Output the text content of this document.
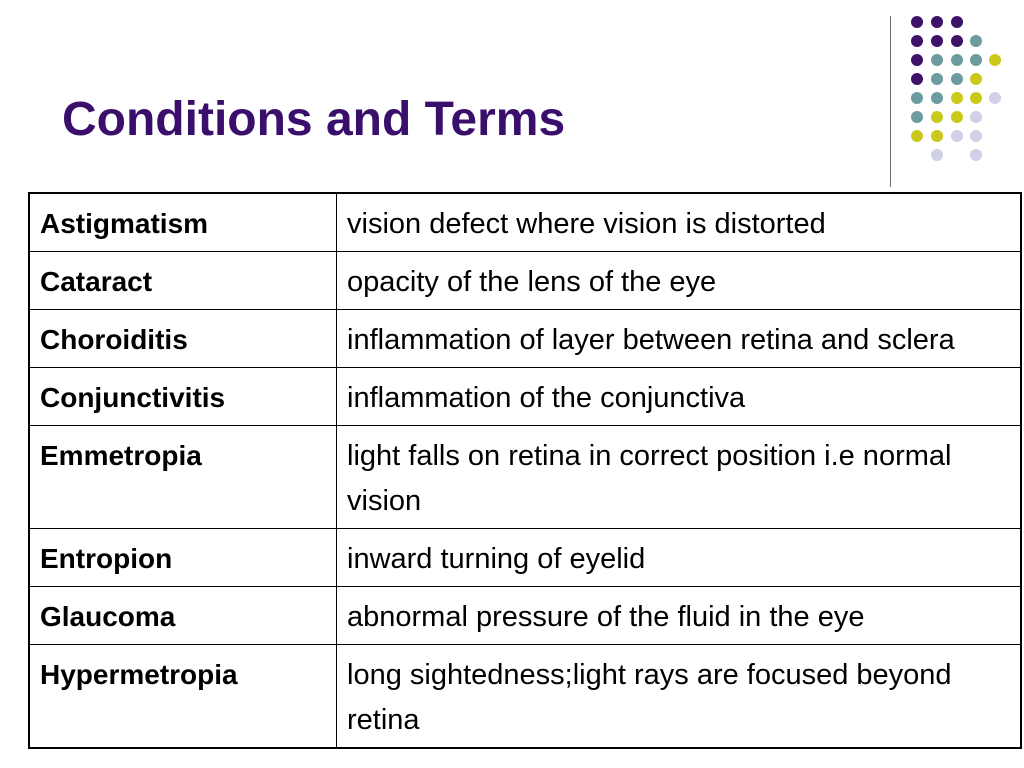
Conditions and Terms
Astigmatism	vision defect where vision is distorted
Cataract	opacity of the lens of the eye
Choroiditis	inflammation of layer between retina and sclera
Conjunctivitis	inflammation of the conjunctiva
Emmetropia	light falls on retina in correct position i.e normal vision
Entropion	inward turning of eyelid
Glaucoma	abnormal pressure of the fluid in the eye
Hypermetropia	long sightedness;light rays are focused beyond retina
